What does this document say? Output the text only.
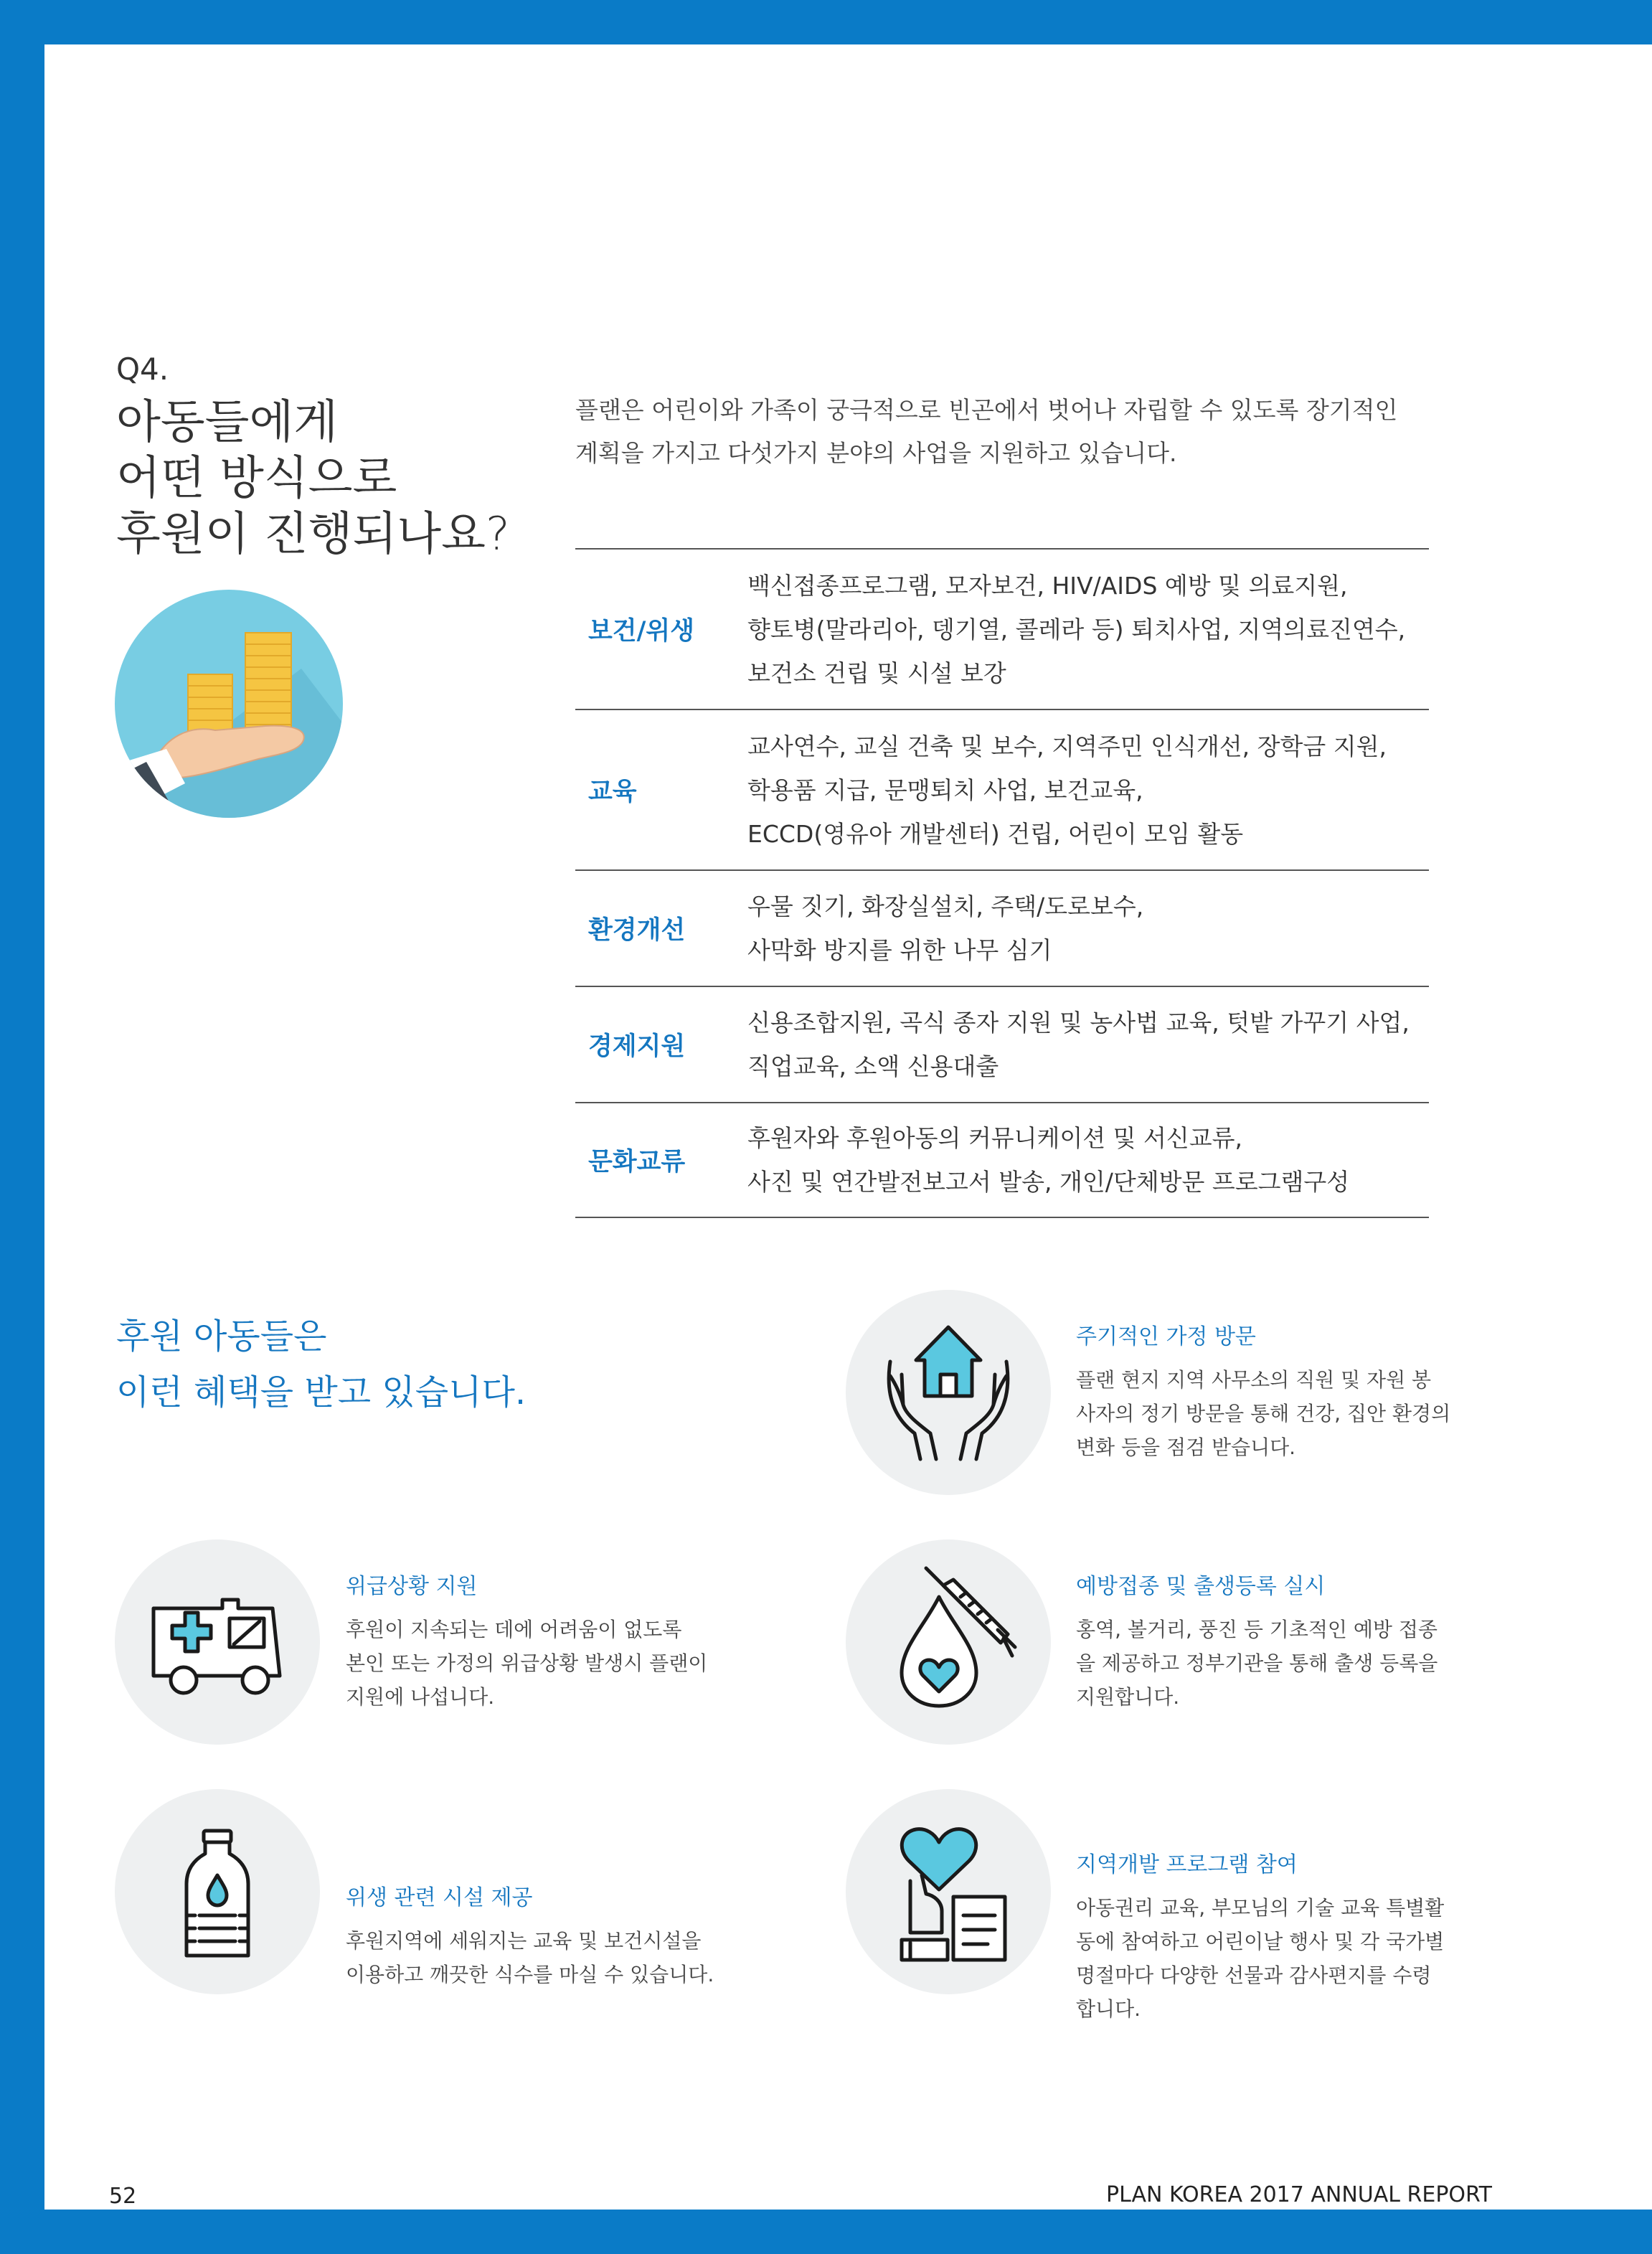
Q4.
아동들에게
어떤 방식으로
후원이 진행되나요?
플랜은 어린이와 가족이 궁극적으로 빈곤에서 벗어나 자립할 수 있도록 장기적인
계획을 가지고 다섯가지 분야의 사업을 지원하고 있습니다.
보건/위생
백신접종프로그램, 모자보건, HIV/AIDS 예방 및 의료지원,
향토병(말라리아, 뎅기열, 콜레라 등) 퇴치사업, 지역의료진연수,
보건소 건립 및 시설 보강
교육
교사연수, 교실 건축 및 보수, 지역주민 인식개선, 장학금 지원,
학용품 지급, 문맹퇴치 사업, 보건교육,
ECCD(영유아 개발센터) 건립, 어린이 모임 활동
환경개선
우물 짓기, 화장실설치, 주택/도로보수,
사막화 방지를 위한 나무 심기
경제지원
신용조합지원, 곡식 종자 지원 및 농사법 교육, 텃밭 가꾸기 사업,
직업교육, 소액 신용대출
문화교류
후원자와 후원아동의 커뮤니케이션 및 서신교류,
사진 및 연간발전보고서 발송, 개인/단체방문 프로그램구성
후원 아동들은
이런 혜택을 받고 있습니다.
주기적인 가정 방문
플랜 현지 지역 사무소의 직원 및 자원 봉
사자의 정기 방문을 통해 건강, 집안 환경의
변화 등을 점검 받습니다.
위급상황 지원
후원이 지속되는 데에 어려움이 없도록
본인 또는 가정의 위급상황 발생시 플랜이
지원에 나섭니다.
예방접종 및 출생등록 실시
홍역, 볼거리, 풍진 등 기초적인 예방 접종
을 제공하고 정부기관을 통해 출생 등록을
지원합니다.
위생 관련 시설 제공
후원지역에 세워지는 교육 및 보건시설을
이용하고 깨끗한 식수를 마실 수 있습니다.
지역개발 프로그램 참여
아동권리 교육, 부모님의 기술 교육 특별활
동에 참여하고 어린이날 행사 및 각 국가별
명절마다 다양한 선물과 감사편지를 수령
합니다.
52	PLAN KOREA 2017 ANNUAL REPORT
